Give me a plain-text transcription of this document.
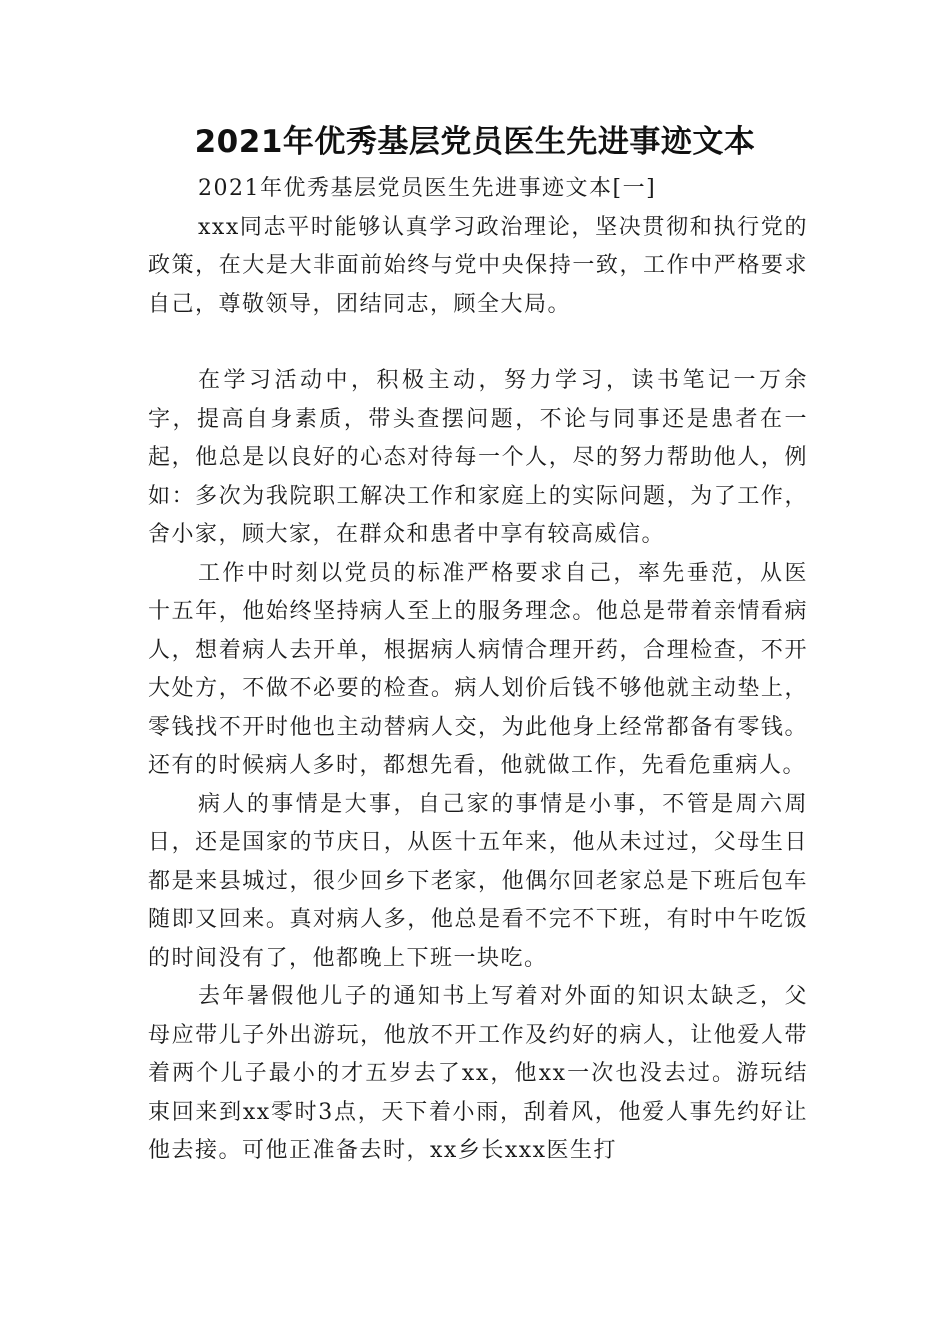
2021年优秀基层党员医生先进事迹文本

2021年优秀基层党员医生先进事迹文本[一]

xxx同志平时能够认真学习政治理论，坚决贯彻和执行党的政策，在大是大非面前始终与党中央保持一致，工作中严格要求自己，尊敬领导，团结同志，顾全大局。

在学习活动中，积极主动，努力学习，读书笔记一万余字，提高自身素质，带头查摆问题，不论与同事还是患者在一起，他总是以良好的心态对待每一个人，尽的努力帮助他人，例如：多次为我院职工解决工作和家庭上的实际问题，为了工作，舍小家，顾大家，在群众和患者中享有较高威信。

工作中时刻以党员的标准严格要求自己，率先垂范，从医十五年，他始终坚持病人至上的服务理念。他总是带着亲情看病人，想着病人去开单，根据病人病情合理开药，合理检查，不开大处方，不做不必要的检查。病人划价后钱不够他就主动垫上，零钱找不开时他也主动替病人交，为此他身上经常都备有零钱。还有的时候病人多时，都想先看，他就做工作，先看危重病人。

病人的事情是大事，自己家的事情是小事，不管是周六周日，还是国家的节庆日，从医十五年来，他从未过过，父母生日都是来县城过，很少回乡下老家，他偶尔回老家总是下班后包车随即又回来。真对病人多，他总是看不完不下班，有时中午吃饭的时间没有了，他都晚上下班一块吃。

去年暑假他儿子的通知书上写着对外面的知识太缺乏，父母应带儿子外出游玩，他放不开工作及约好的病人，让他爱人带着两个儿子最小的才五岁去了xx，他xx一次也没去过。游玩结束回来到xx零时3点，天下着小雨，刮着风，他爱人事先约好让他去接。可他正准备去时，xx乡长xxx医生打
